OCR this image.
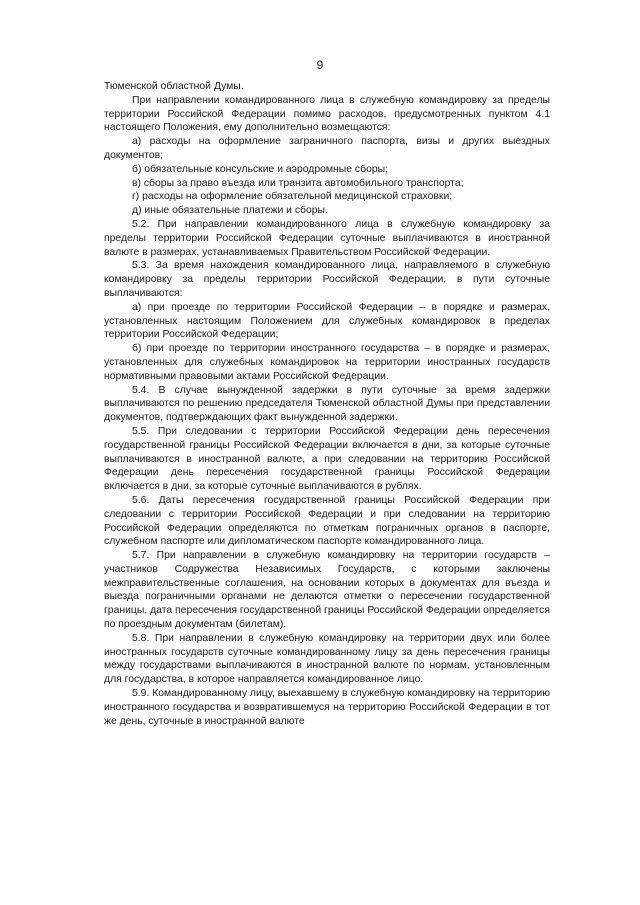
9

Тюменской областной Думы.

При направлении командированного лица в служебную командировку за пределы территории Российской Федерации помимо расходов, предусмотренных пунктом 4.1 настоящего Положения, ему дополнительно возмещаются:

а) расходы на оформление заграничного паспорта, визы и других выездных документов;

б) обязательные консульские и аэродромные сборы;

в) сборы за право въезда или транзита автомобильного транспорта;

г) расходы на оформление обязательной медицинской страховки;

д) иные обязательные платежи и сборы.

5.2. При направлении командированного лица в служебную командировку за пределы территории Российской Федерации суточные выплачиваются в иностранной валюте в размерах, устанавливаемых Правительством Российской Федерации.

5.3. За время нахождения командированного лица, направляемого в служебную командировку за пределы территории Российской Федерации, в пути суточные выплачиваются:

а) при проезде по территории Российской Федерации – в порядке и размерах, установленных настоящим Положением для служебных командировок в пределах территории Российской Федерации;

б) при проезде по территории иностранного государства – в порядке и размерах, установленных для служебных командировок на территории иностранных государств нормативными правовыми актами Российской Федерации.

5.4. В случае вынужденной задержки в пути суточные за время задержки выплачиваются по решению председателя Тюменской областной Думы при представлении документов, подтверждающих факт вынужденной задержки.

5.5. При следовании с территории Российской Федерации день пересечения государственной границы Российской Федерации включается в дни, за которые суточные выплачиваются в иностранной валюте, а при следовании на территорию Российской Федерации день пересечения государственной границы Российской Федерации включается в дни, за которые суточные выплачиваются в рублях.

5.6. Даты пересечения государственной границы Российской Федерации при следовании с территории Российской Федерации и при следовании на территорию Российской Федерации определяются по отметкам пограничных органов в паспорте, служебном паспорте или дипломатическом паспорте командированного лица.

5.7. При направлении в служебную командировку на территории государств – участников Содружества Независимых Государств, с которыми заключены межправительственные соглашения, на основании которых в документах для въезда и выезда пограничными органами не делаются отметки о пересечении государственной границы, дата пересечения государственной границы Российской Федерации определяется по проездным документам (билетам).

5.8. При направлении в служебную командировку на территории двух или более иностранных государств суточные командированному лицу за день пересечения границы между государствами выплачиваются в иностранной валюте по нормам, установленным для государства, в которое направляется командированное лицо.

5.9. Командированному лицу, выехавшему в служебную командировку на территорию иностранного государства и возвратившемуся на территорию Российской Федерации в тот же день, суточные в иностранной валюте
